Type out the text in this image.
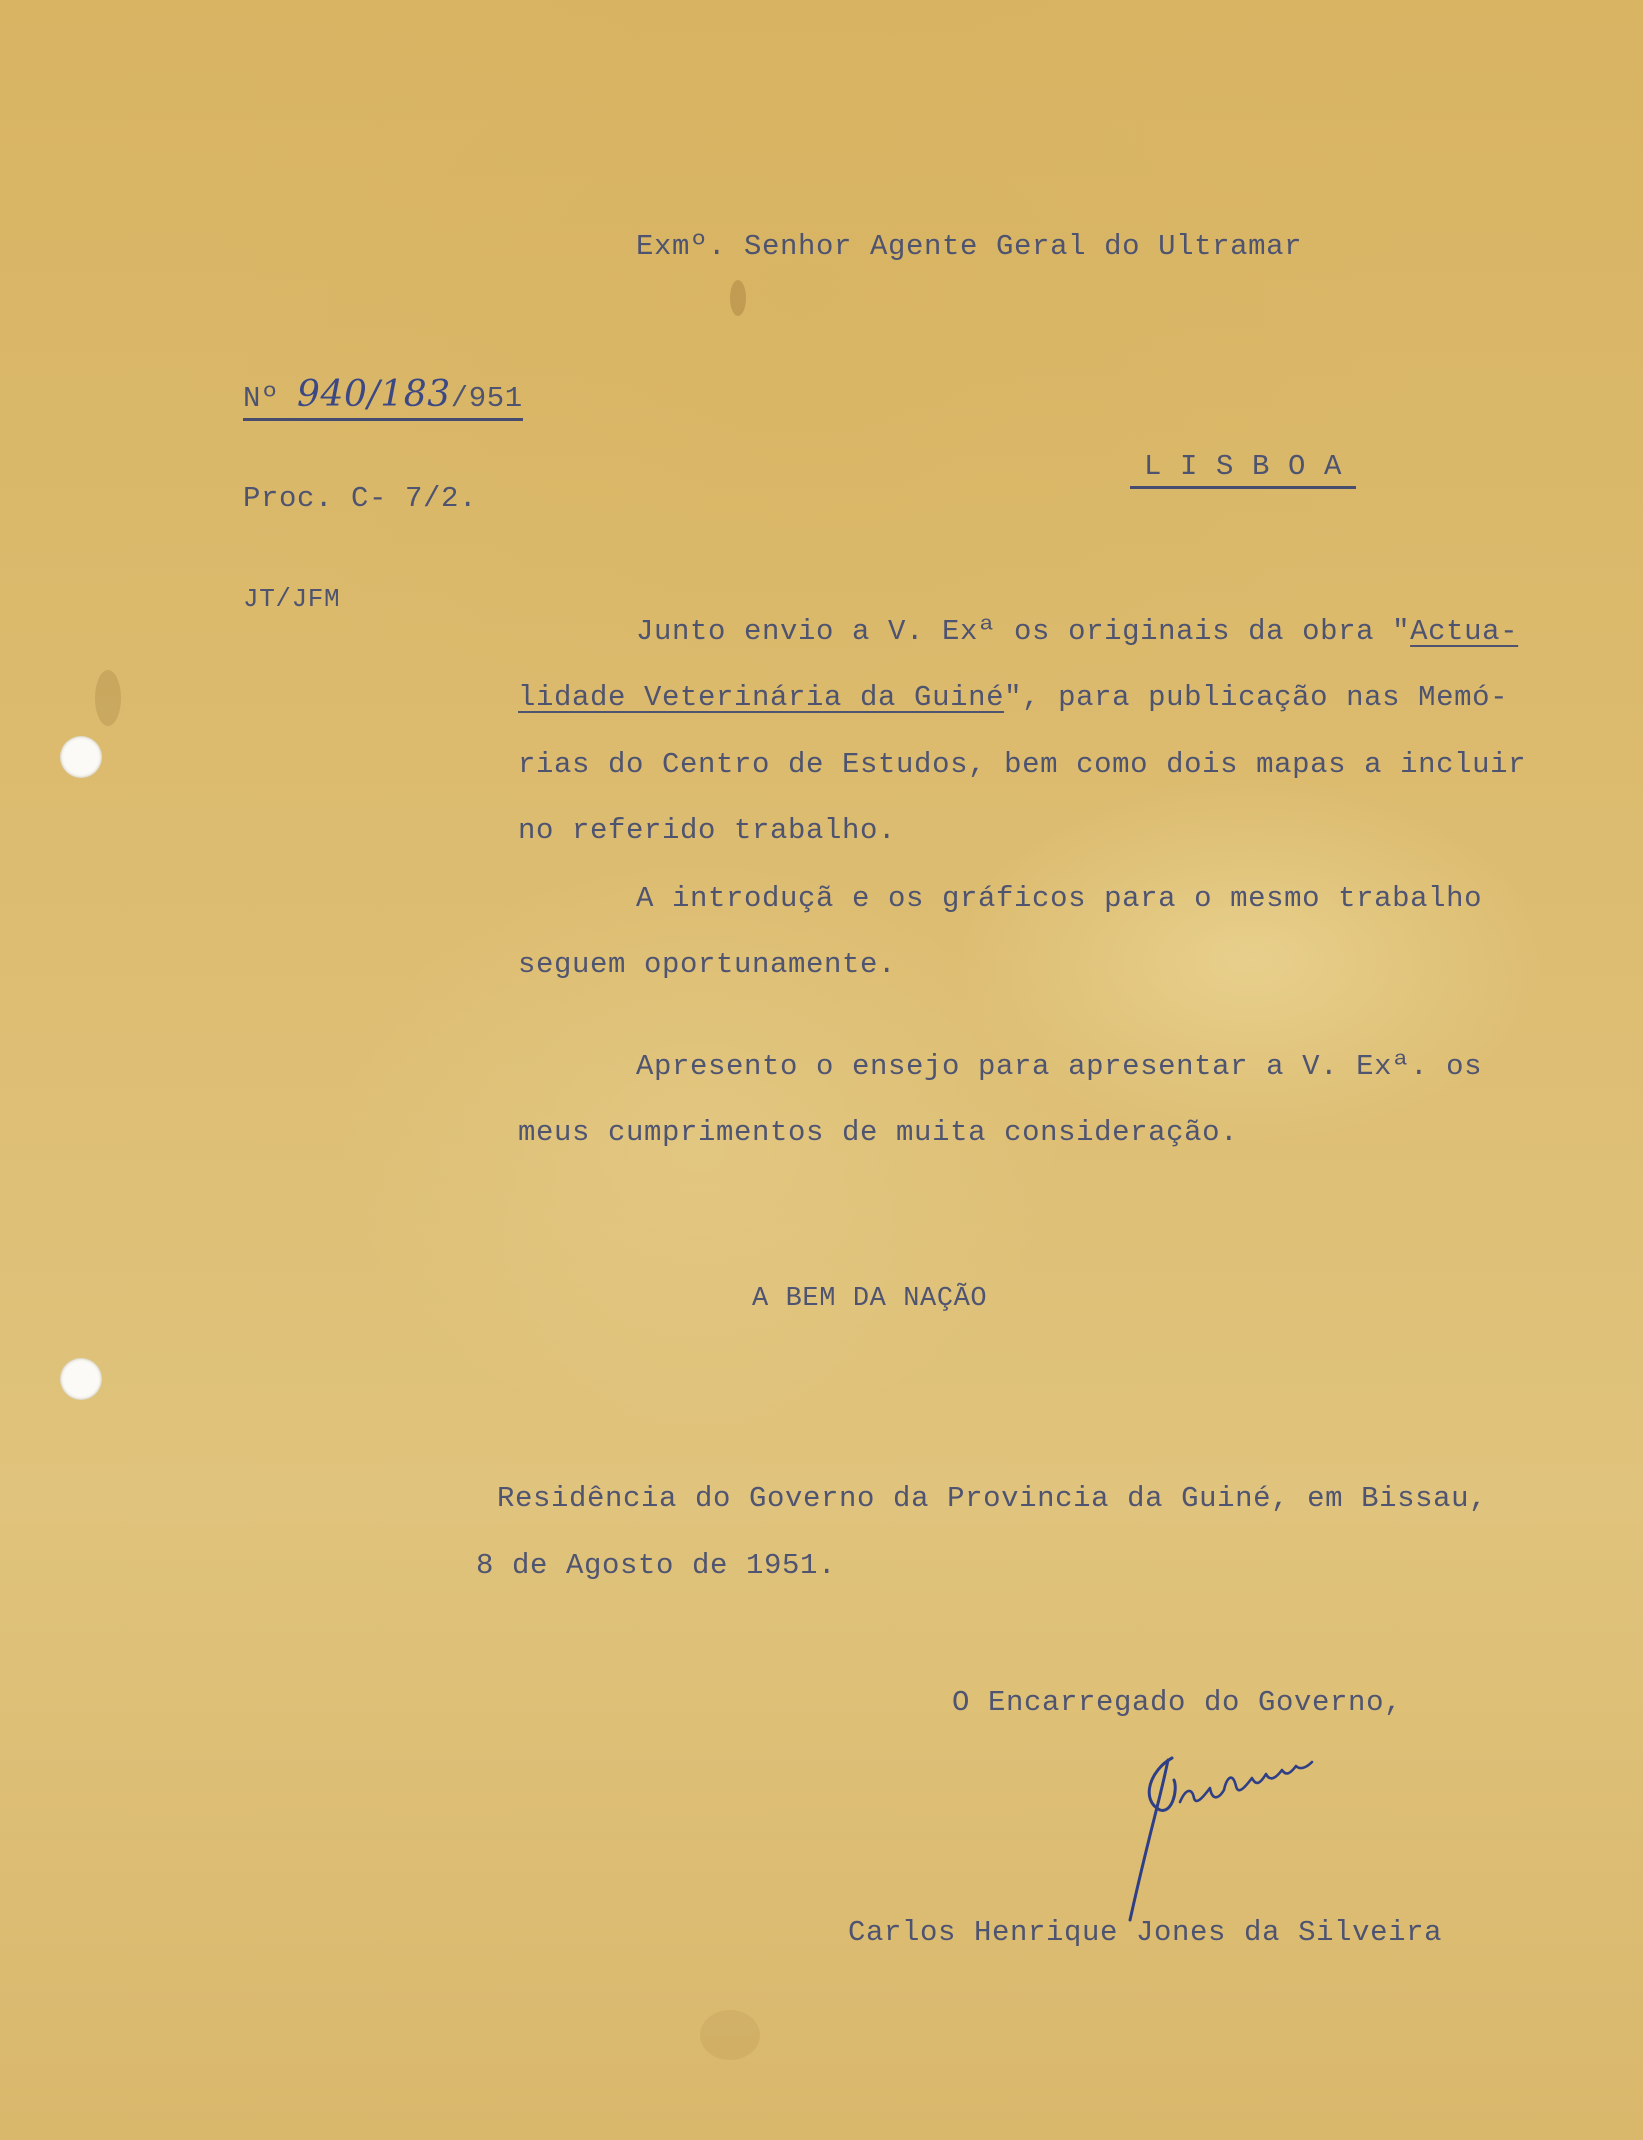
Exmº. Senhor Agente Geral do Ultramar
Nº 940/183/951
L I S B O A
Proc. C- 7/2.
JT/JFM
Junto envio a V. Exª os originais da obra "Actua-
lidade Veterinária da Guiné", para publicação nas Memó-
rias do Centro de Estudos, bem como dois mapas a incluir
no referido trabalho.
A introduçã e os gráficos para o mesmo trabalho
seguem oportunamente.
Apresento o ensejo para apresentar a V. Exª. os
meus cumprimentos de muita consideração.
A BEM DA NAÇÃO
Residência do Governo da Provincia da Guiné, em Bissau,
8 de Agosto de 1951.
O Encarregado do Governo,
Carlos Henrique Jones da Silveira
